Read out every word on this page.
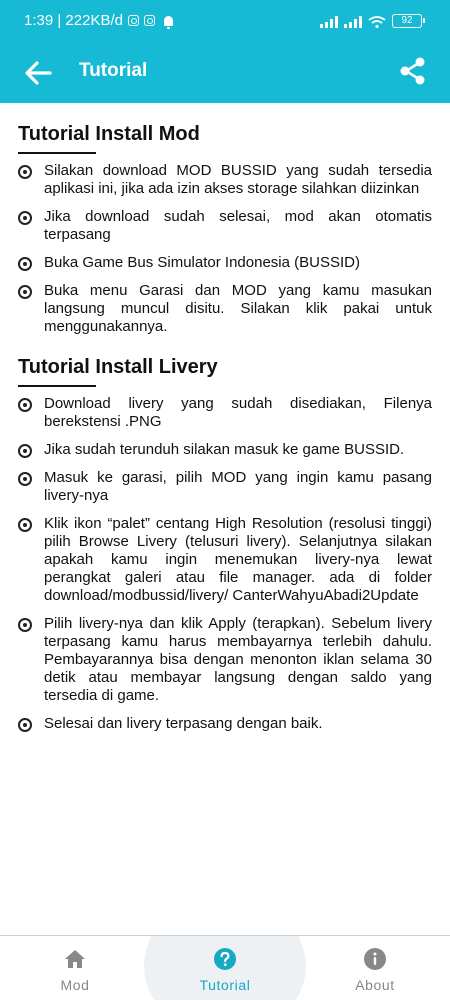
1:39 | 222KB/d	92
Tutorial
Tutorial Install Mod
Silakan download MOD BUSSID yang sudah tersedia aplikasi ini, jika ada izin akses storage silahkan diizinkan
Jika download sudah selesai, mod akan otomatis terpasang
Buka Game Bus Simulator Indonesia (BUSSID)
Buka menu Garasi dan MOD yang kamu masukan langsung muncul disitu. Silakan klik pakai untuk menggunakannya.
Tutorial Install Livery
Download livery yang sudah disediakan, Filenya berekstensi .PNG
Jika sudah terunduh silakan masuk ke game BUSSID.
Masuk ke garasi, pilih MOD yang ingin kamu pasang livery-nya
Klik ikon “palet” centang High Resolution (resolusi tinggi) pilih Browse Livery (telusuri livery). Selanjutnya silakan apakah kamu ingin menemukan livery-nya lewat perangkat galeri atau file manager. ada di folder download/modbussid/livery/ CanterWahyuAbadi2Update
Pilih livery-nya dan klik Apply (terapkan). Sebelum livery terpasang kamu harus membayarnya terlebih dahulu. Pembayarannya bisa dengan menonton iklan selama 30 detik atau membayar langsung dengan saldo yang tersedia di game.
Selesai dan livery terpasang dengan baik.
Mod	Tutorial	About
